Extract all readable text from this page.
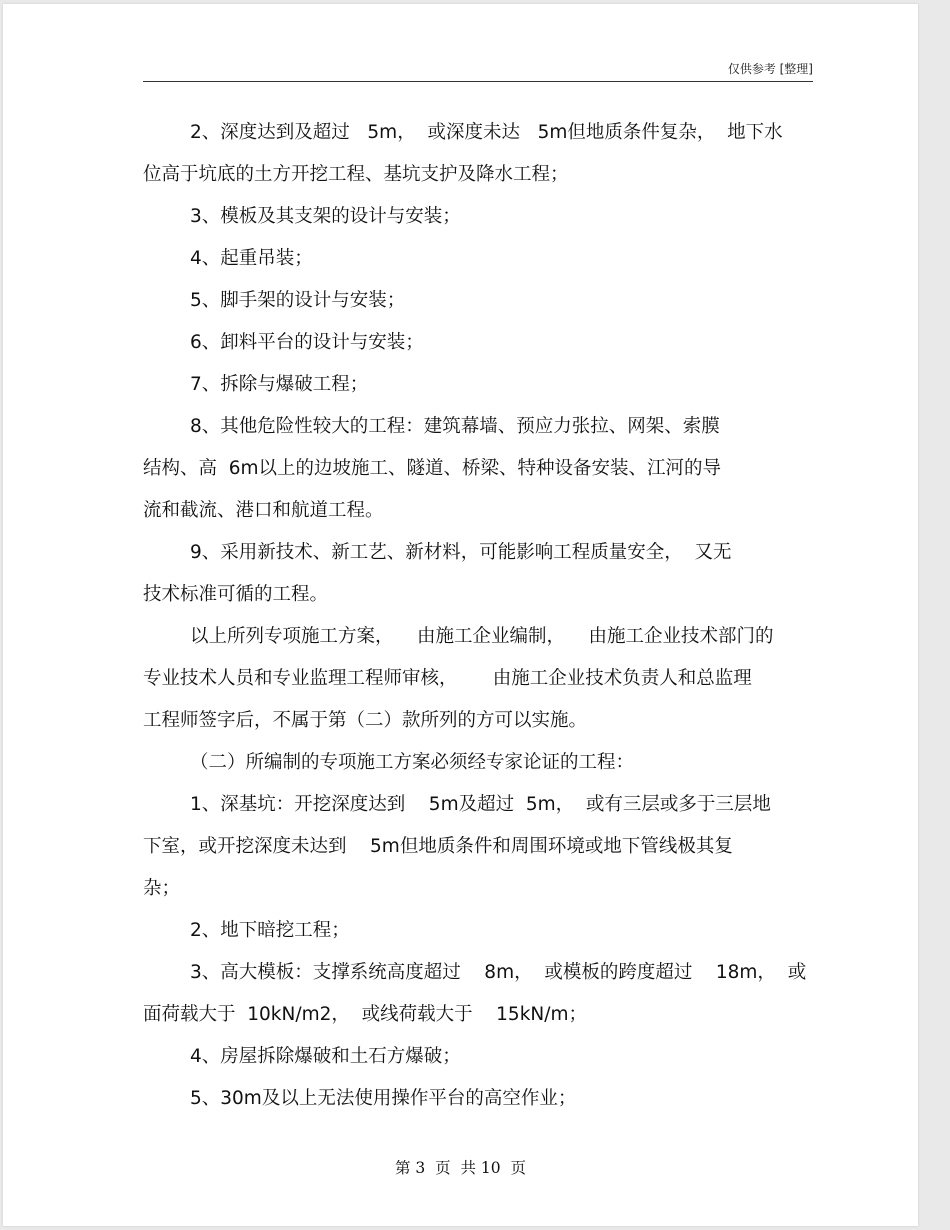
仅供参考 [整理]

2、深度达到及超过   5m，  或深度未达   5m但地质条件复杂，  地下水

位高于坑底的土方开挖工程、基坑支护及降水工程；

3、模板及其支架的设计与安装；

4、起重吊装；

5、脚手架的设计与安装；

6、卸料平台的设计与安装；

7、拆除与爆破工程；

8、其他危险性较大的工程：建筑幕墙、预应力张拉、网架、索膜

结构、高  6m以上的边坡施工、隧道、桥梁、特种设备安装、江河的导

流和截流、港口和航道工程。

9、采用新技术、新工艺、新材料，可能影响工程质量安全，  又无

技术标准可循的工程。

以上所列专项施工方案，    由施工企业编制，    由施工企业技术部门的

专业技术人员和专业监理工程师审核，      由施工企业技术负责人和总监理

工程师签字后，不属于第（二）款所列的方可以实施。

（二）所编制的专项施工方案必须经专家论证的工程：

1、深基坑：开挖深度达到    5m及超过  5m，  或有三层或多于三层地

下室，或开挖深度未达到    5m但地质条件和周围环境或地下管线极其复

杂；

2、地下暗挖工程；

3、高大模板：支撑系统高度超过    8m，  或模板的跨度超过    18m，  或

面荷载大于  10kN/m2，  或线荷载大于    15kN/m；

4、房屋拆除爆破和土石方爆破；

5、30m及以上无法使用操作平台的高空作业；

第 3  页  共 10  页
